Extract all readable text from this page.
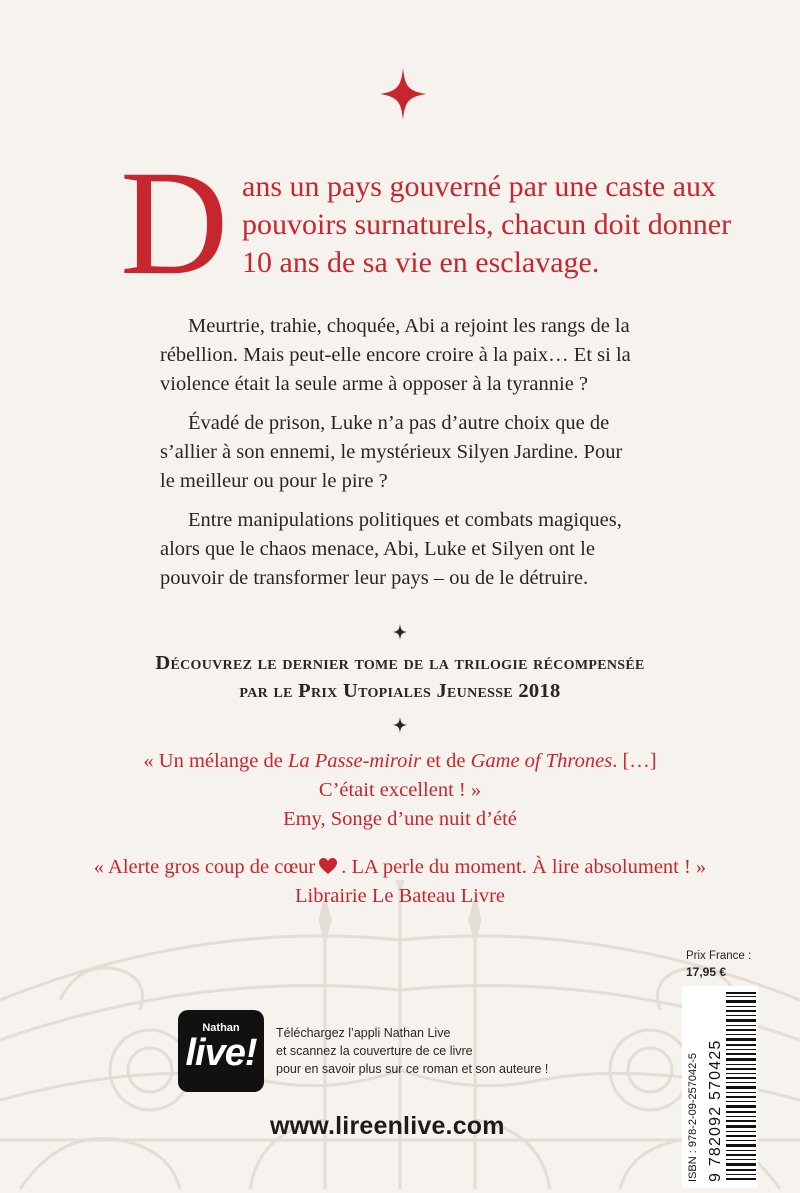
D ans un pays gouverné par une caste aux
pouvoirs surnaturels, chacun doit donner
10 ans de sa vie en esclavage.
Meurtrie, trahie, choquée, Abi a rejoint les rangs de la
rébellion. Mais peut-elle encore croire à la paix… Et si la
violence était la seule arme à opposer à la tyrannie ?
Évadé de prison, Luke n’a pas d’autre choix que de
s’allier à son ennemi, le mystérieux Silyen Jardine. Pour
le meilleur ou pour le pire ?
Entre manipulations politiques et combats magiques,
alors que le chaos menace, Abi, Luke et Silyen ont le
pouvoir de transformer leur pays – ou de le détruire.
Découvrez le dernier tome de la trilogie récompensée
par le Prix Utopiales Jeunesse 2018
« Un mélange de La Passe-miroir et de Game of Thrones. […]
C’était excellent ! »
Emy, Songe d’une nuit d’été
« Alerte gros coup de cœur . LA perle du moment. À lire absolument ! »
Librairie Le Bateau Livre
Prix France :
17,95 €
ISBN : 978-2-09-257042-5 9 782092 570425
Nathan
live!	Téléchargez l’appli Nathan Live
et scannez la couverture de ce livre
pour en savoir plus sur ce roman et son auteure !
www.lireenlive.com
